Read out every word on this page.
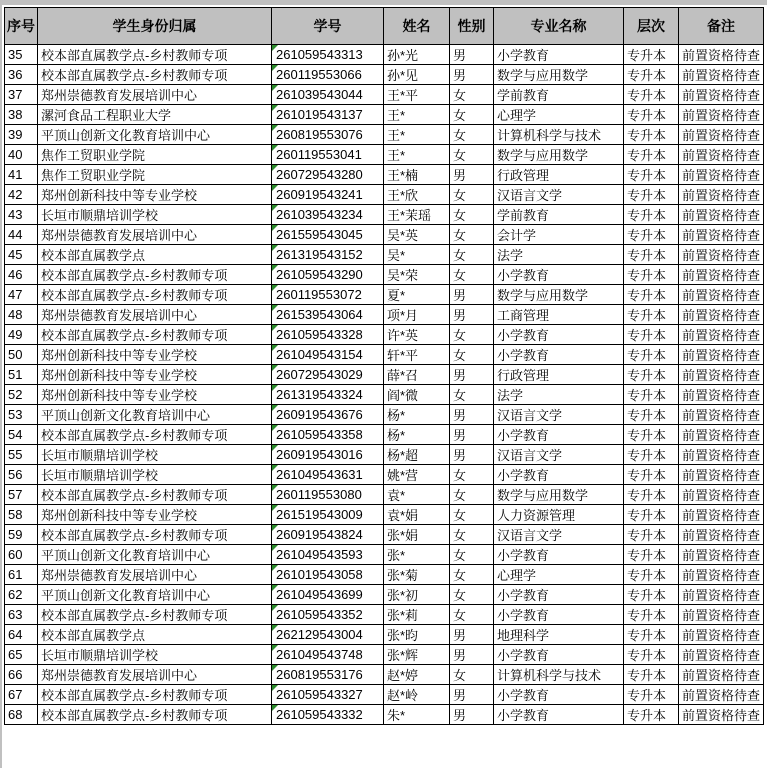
序号	学生身份归属	学号	姓名	性别	专业名称	层次	备注
35	校本部直属教学点-乡村教师专项	261059543313	孙*光	男	小学教育	专升本	前置资格待查
36	校本部直属教学点-乡村教师专项	260119553066	孙*见	男	数学与应用数学	专升本	前置资格待查
37	郑州崇德教育发展培训中心	261039543044	王*平	女	学前教育	专升本	前置资格待查
38	漯河食品工程职业大学	261019543137	王*	女	心理学	专升本	前置资格待查
39	平顶山创新文化教育培训中心	260819553076	王*	女	计算机科学与技术	专升本	前置资格待查
40	焦作工贸职业学院	260119553041	王*	女	数学与应用数学	专升本	前置资格待查
41	焦作工贸职业学院	260729543280	王*楠	男	行政管理	专升本	前置资格待查
42	郑州创新科技中等专业学校	260919543241	王*欣	女	汉语言文学	专升本	前置资格待查
43	长垣市顺鼎培训学校	261039543234	王*茉瑶	女	学前教育	专升本	前置资格待查
44	郑州崇德教育发展培训中心	261559543045	吴*英	女	会计学	专升本	前置资格待查
45	校本部直属教学点	261319543152	吴*	女	法学	专升本	前置资格待查
46	校本部直属教学点-乡村教师专项	261059543290	吴*荣	女	小学教育	专升本	前置资格待查
47	校本部直属教学点-乡村教师专项	260119553072	夏*	男	数学与应用数学	专升本	前置资格待查
48	郑州崇德教育发展培训中心	261539543064	项*月	男	工商管理	专升本	前置资格待查
49	校本部直属教学点-乡村教师专项	261059543328	许*英	女	小学教育	专升本	前置资格待查
50	郑州创新科技中等专业学校	261049543154	轩*平	女	小学教育	专升本	前置资格待查
51	郑州创新科技中等专业学校	260729543029	薛*召	男	行政管理	专升本	前置资格待查
52	郑州创新科技中等专业学校	261319543324	阎*微	女	法学	专升本	前置资格待查
53	平顶山创新文化教育培训中心	260919543676	杨*	男	汉语言文学	专升本	前置资格待查
54	校本部直属教学点-乡村教师专项	261059543358	杨*	男	小学教育	专升本	前置资格待查
55	长垣市顺鼎培训学校	260919543016	杨*超	男	汉语言文学	专升本	前置资格待查
56	长垣市顺鼎培训学校	261049543631	姚*营	女	小学教育	专升本	前置资格待查
57	校本部直属教学点-乡村教师专项	260119553080	袁*	女	数学与应用数学	专升本	前置资格待查
58	郑州创新科技中等专业学校	261519543009	袁*娟	女	人力资源管理	专升本	前置资格待查
59	校本部直属教学点-乡村教师专项	260919543824	张*娟	女	汉语言文学	专升本	前置资格待查
60	平顶山创新文化教育培训中心	261049543593	张*	女	小学教育	专升本	前置资格待查
61	郑州崇德教育发展培训中心	261019543058	张*菊	女	心理学	专升本	前置资格待查
62	平顶山创新文化教育培训中心	261049543699	张*初	女	小学教育	专升本	前置资格待查
63	校本部直属教学点-乡村教师专项	261059543352	张*莉	女	小学教育	专升本	前置资格待查
64	校本部直属教学点	262129543004	张*昀	男	地理科学	专升本	前置资格待查
65	长垣市顺鼎培训学校	261049543748	张*辉	男	小学教育	专升本	前置资格待查
66	郑州崇德教育发展培训中心	260819553176	赵*婷	女	计算机科学与技术	专升本	前置资格待查
67	校本部直属教学点-乡村教师专项	261059543327	赵*岭	男	小学教育	专升本	前置资格待查
68	校本部直属教学点-乡村教师专项	261059543332	朱*	男	小学教育	专升本	前置资格待查
